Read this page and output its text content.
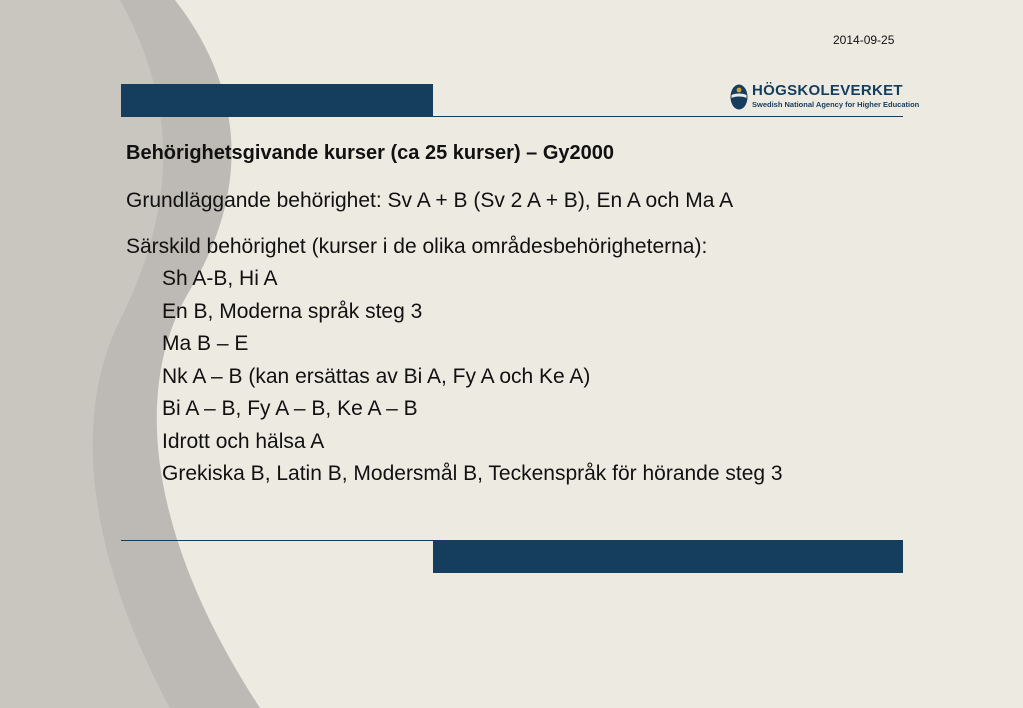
2014-09-25
HÖGSKOLEVERKET
Swedish National Agency for Higher Education
Behörighetsgivande kurser (ca 25 kurser) – Gy2000
Grundläggande behörighet: Sv A + B (Sv 2 A + B), En A och Ma A
Särskild behörighet (kurser i de olika områdesbehörigheterna):
Sh A-B, Hi A
En B, Moderna språk steg 3
Ma B – E
Nk A – B (kan ersättas av Bi A, Fy A och Ke A)
Bi A – B, Fy A – B, Ke A – B
Idrott och hälsa A
Grekiska B, Latin B, Modersmål B, Teckenspråk för hörande steg 3
